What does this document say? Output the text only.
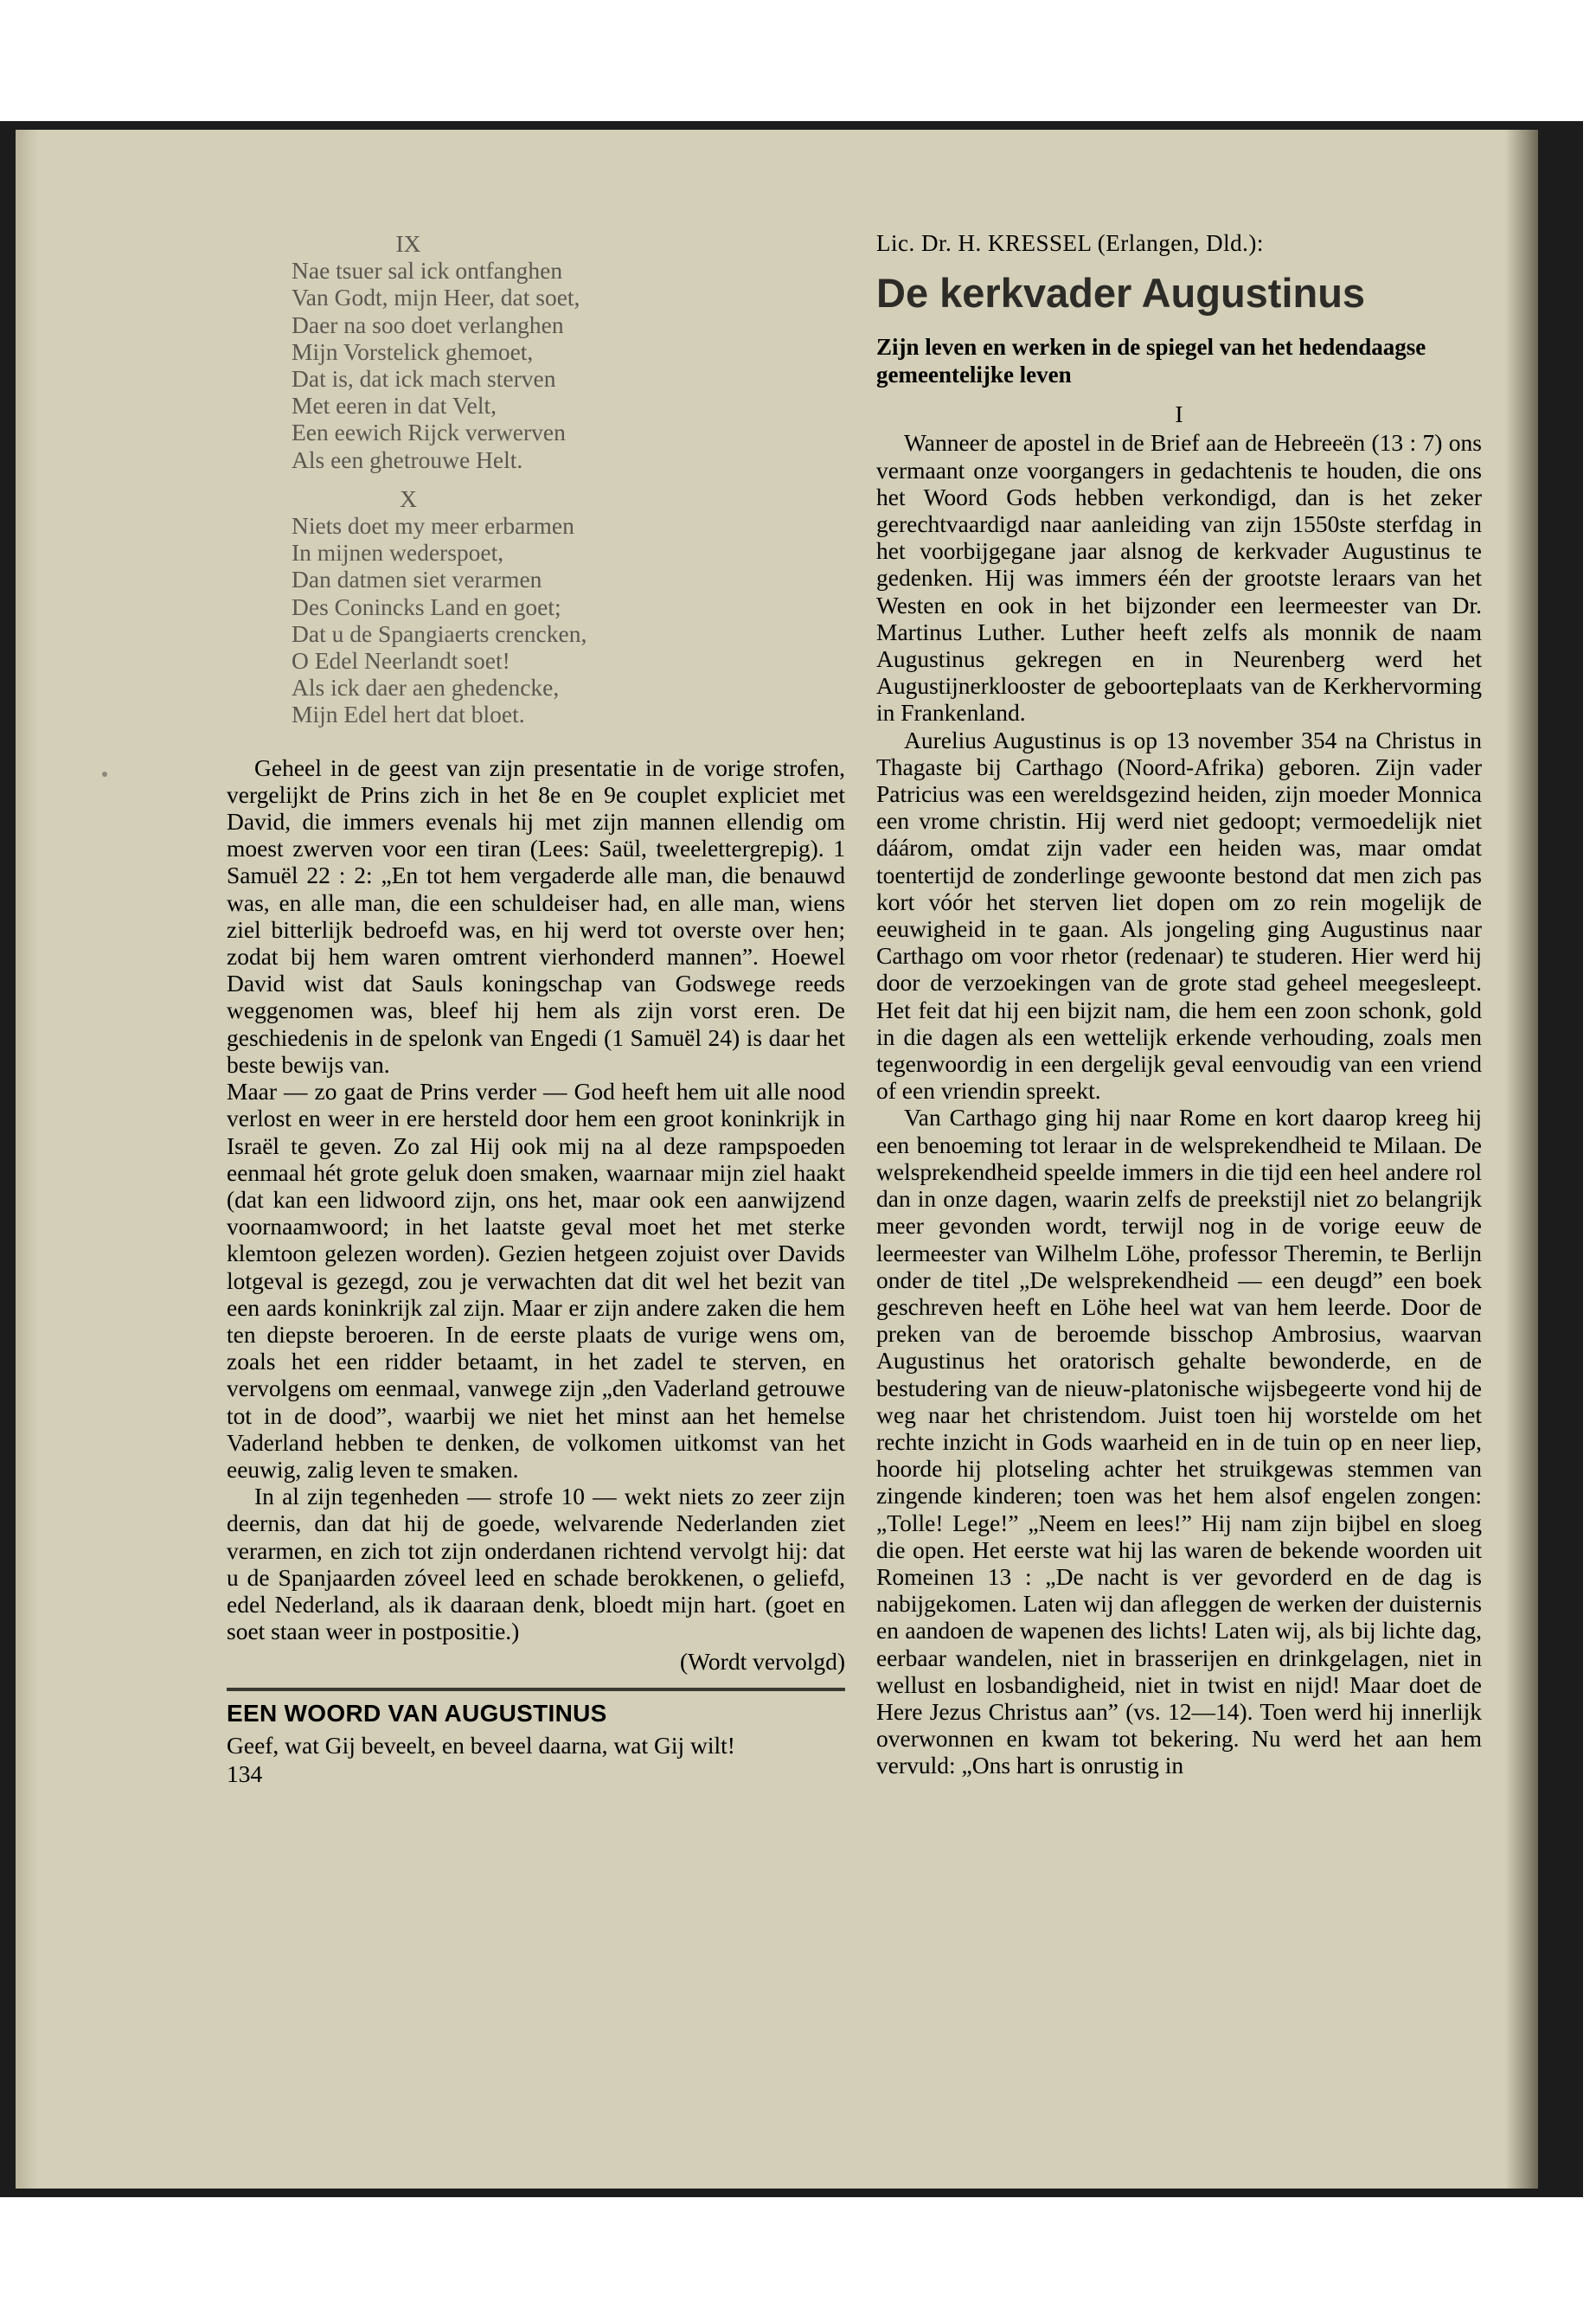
IX
Nae tsuer sal ick ontfanghen
Van Godt, mijn Heer, dat soet,
Daer na soo doet verlanghen
Mijn Vorstelick ghemoet,
Dat is, dat ick mach sterven
Met eeren in dat Velt,
Een eewich Rijck verwerven
Als een ghetrouwe Helt.
X
Niets doet my meer erbarmen
In mijnen wederspoet,
Dan datmen siet verarmen
Des Conincks Land en goet;
Dat u de Spangiaerts crencken,
O Edel Neerlandt soet!
Als ick daer aen ghedencke,
Mijn Edel hert dat bloet.

Geheel in de geest van zijn presentatie in de vorige strofen, vergelijkt de Prins zich in het 8e en 9e couplet expliciet met David, die immers evenals hij met zijn mannen ellendig om moest zwerven voor een tiran (Lees: Saül, tweelettergrepig). 1 Samuël 22 : 2: „En tot hem vergaderde alle man, die benauwd was, en alle man, die een schuldeiser had, en alle man, wiens ziel bitterlijk bedroefd was, en hij werd tot overste over hen; zodat bij hem waren omtrent vierhonderd mannen”. Hoewel David wist dat Sauls koningschap van Godswege reeds weggenomen was, bleef hij hem als zijn vorst eren. De geschiedenis in de spelonk van Engedi (1 Samuël 24) is daar het beste bewijs van.

Maar — zo gaat de Prins verder — God heeft hem uit alle nood verlost en weer in ere hersteld door hem een groot koninkrijk in Israël te geven. Zo zal Hij ook mij na al deze rampspoeden eenmaal hét grote geluk doen smaken, waarnaar mijn ziel haakt (dat kan een lidwoord zijn, ons het, maar ook een aanwijzend voornaamwoord; in het laatste geval moet het met sterke klemtoon gelezen worden). Gezien hetgeen zojuist over Davids lotgeval is gezegd, zou je verwachten dat dit wel het bezit van een aards koninkrijk zal zijn. Maar er zijn andere zaken die hem ten diepste beroeren. In de eerste plaats de vurige wens om, zoals het een ridder betaamt, in het zadel te sterven, en vervolgens om eenmaal, vanwege zijn „den Vaderland getrouwe tot in de dood”, waarbij we niet het minst aan het hemelse Vaderland hebben te denken, de volkomen uitkomst van het eeuwig, zalig leven te smaken.

In al zijn tegenheden — strofe 10 — wekt niets zo zeer zijn deernis, dan dat hij de goede, welvarende Nederlanden ziet verarmen, en zich tot zijn onderdanen richtend vervolgt hij: dat u de Spanjaarden zóveel leed en schade berokkenen, o geliefd, edel Nederland, als ik daaraan denk, bloedt mijn hart. (goet en soet staan weer in postpositie.)

(Wordt vervolgd)
EEN WOORD VAN AUGUSTINUS
Geef, wat Gij beveelt, en beveel daarna, wat Gij wilt!
134
Lic. Dr. H. KRESSEL (Erlangen, Dld.):
De kerkvader Augustinus
Zijn leven en werken in de spiegel van het hedendaagse gemeentelijke leven
I

Wanneer de apostel in de Brief aan de Hebreeën (13 : 7) ons vermaant onze voorgangers in gedachtenis te houden, die ons het Woord Gods hebben verkondigd, dan is het zeker gerechtvaardigd naar aanleiding van zijn 1550ste sterfdag in het voorbijgegane jaar alsnog de kerkvader Augustinus te gedenken. Hij was immers één der grootste leraars van het Westen en ook in het bijzonder een leermeester van Dr. Martinus Luther. Luther heeft zelfs als monnik de naam Augustinus gekregen en in Neurenberg werd het Augustijnerklooster de geboorteplaats van de Kerkhervorming in Frankenland.

Aurelius Augustinus is op 13 november 354 na Christus in Thagaste bij Carthago (Noord-Afrika) geboren. Zijn vader Patricius was een wereldsgezind heiden, zijn moeder Monnica een vrome christin. Hij werd niet gedoopt; vermoedelijk niet dáárom, omdat zijn vader een heiden was, maar omdat toentertijd de zonderlinge gewoonte bestond dat men zich pas kort vóór het sterven liet dopen om zo rein mogelijk de eeuwigheid in te gaan. Als jongeling ging Augustinus naar Carthago om voor rhetor (redenaar) te studeren. Hier werd hij door de verzoekingen van de grote stad geheel meegesleept. Het feit dat hij een bijzit nam, die hem een zoon schonk, gold in die dagen als een wettelijk erkende verhouding, zoals men tegenwoordig in een dergelijk geval eenvoudig van een vriend of een vriendin spreekt.

Van Carthago ging hij naar Rome en kort daarop kreeg hij een benoeming tot leraar in de welsprekendheid te Milaan. De welsprekendheid speelde immers in die tijd een heel andere rol dan in onze dagen, waarin zelfs de preekstijl niet zo belangrijk meer gevonden wordt, terwijl nog in de vorige eeuw de leermeester van Wilhelm Löhe, professor Theremin, te Berlijn onder de titel „De welsprekendheid — een deugd” een boek geschreven heeft en Löhe heel wat van hem leerde. Door de preken van de beroemde bisschop Ambrosius, waarvan Augustinus het oratorisch gehalte bewonderde, en de bestudering van de nieuw-platonische wijsbegeerte vond hij de weg naar het christendom. Juist toen hij worstelde om het rechte inzicht in Gods waarheid en in de tuin op en neer liep, hoorde hij plotseling achter het struikgewas stemmen van zingende kinderen; toen was het hem alsof engelen zongen: „Tolle! Lege!” „Neem en lees!” Hij nam zijn bijbel en sloeg die open. Het eerste wat hij las waren de bekende woorden uit Romeinen 13 : „De nacht is ver gevorderd en de dag is nabijgekomen. Laten wij dan afleggen de werken der duisternis en aandoen de wapenen des lichts! Laten wij, als bij lichte dag, eerbaar wandelen, niet in brasserijen en drinkgelagen, niet in wellust en losbandigheid, niet in twist en nijd! Maar doet de Here Jezus Christus aan” (vs. 12—14). Toen werd hij innerlijk overwonnen en kwam tot bekering. Nu werd het aan hem vervuld: „Ons hart is onrustig in
